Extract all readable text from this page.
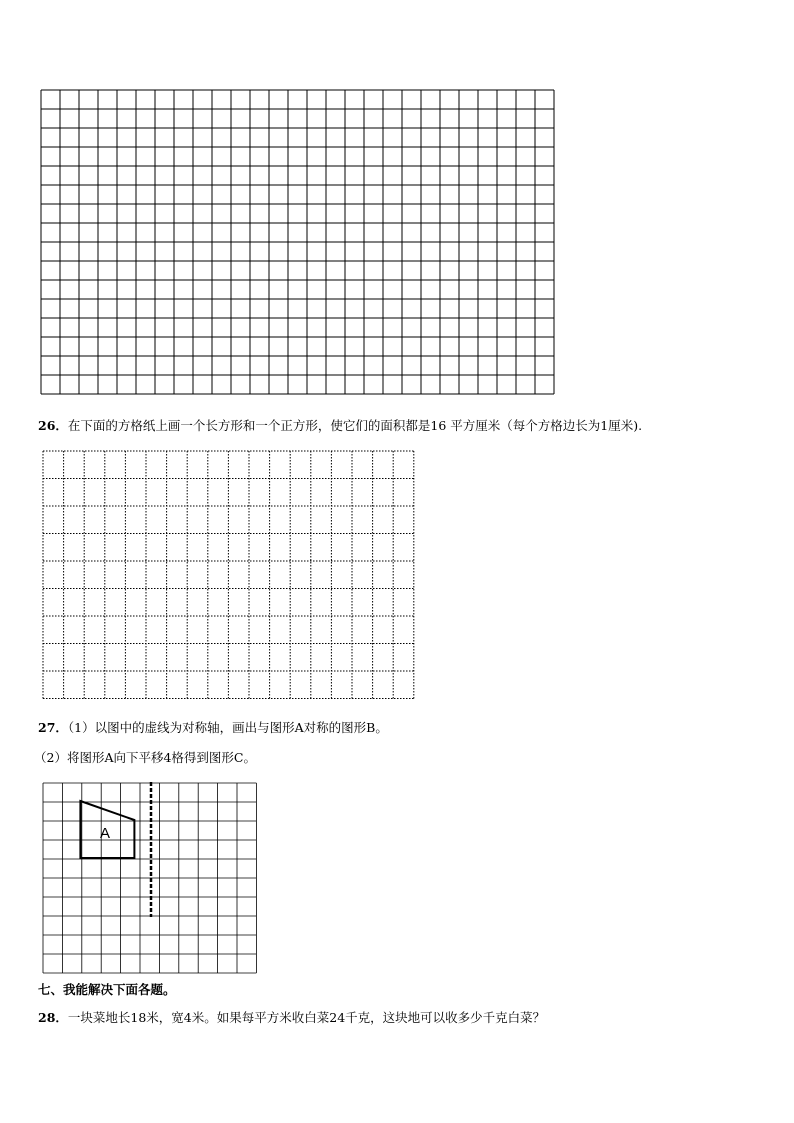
26．在下面的方格纸上画一个长方形和一个正方形，使它们的面积都是16 平方厘米（每个方格边长为1厘米).
27．（1）以图中的虚线为对称轴，画出与图形A对称的图形B。
（2）将图形A向下平移4格得到图形C。
A
七、我能解决下面各题。
28．一块菜地长18米，宽4米。如果每平方米收白菜24千克，这块地可以收多少千克白菜？
